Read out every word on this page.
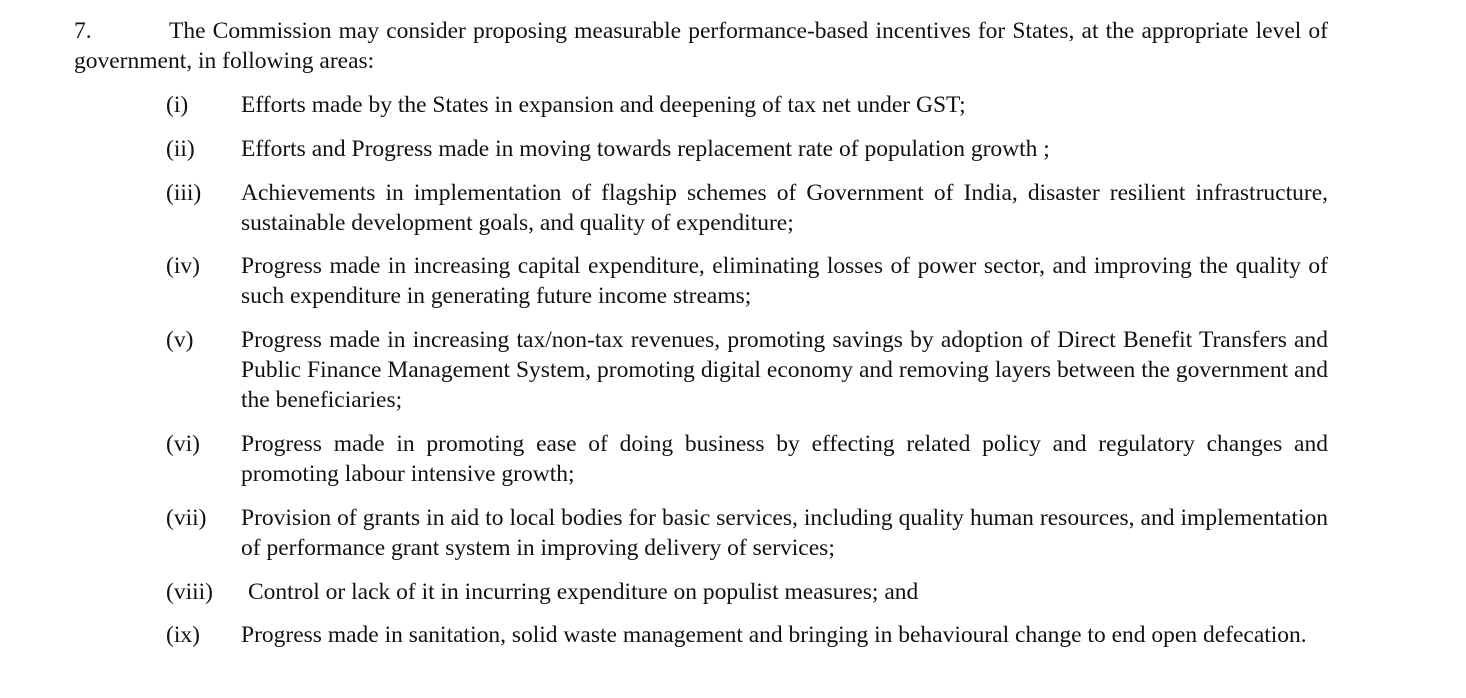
7.	The Commission may consider proposing measurable performance-based incentives for States, at the appropriate level of government, in following areas:
(i)	Efforts made by the States in expansion and deepening of tax net under GST;
(ii)	Efforts and Progress made in moving towards replacement rate of population growth ;
(iii)	Achievements in implementation of flagship schemes of Government of India, disaster resilient infrastructure, sustainable development goals, and quality of expenditure;
(iv)	Progress made in increasing capital expenditure, eliminating losses of power sector, and improving the quality of such expenditure in generating future income streams;
(v)	Progress made in increasing tax/non-tax revenues, promoting savings by adoption of Direct Benefit Transfers and Public Finance Management System, promoting digital economy and removing layers between the government and the beneficiaries;
(vi)	Progress made in promoting ease of doing business by effecting related policy and regulatory changes and promoting labour intensive growth;
(vii)	Provision of grants in aid to local bodies for basic services, including quality human resources, and implementation of performance grant system in improving delivery of services;
(viii)	Control or lack of it in incurring expenditure on populist measures; and
(ix)	Progress made in sanitation, solid waste management and bringing in behavioural change to end open defecation.
